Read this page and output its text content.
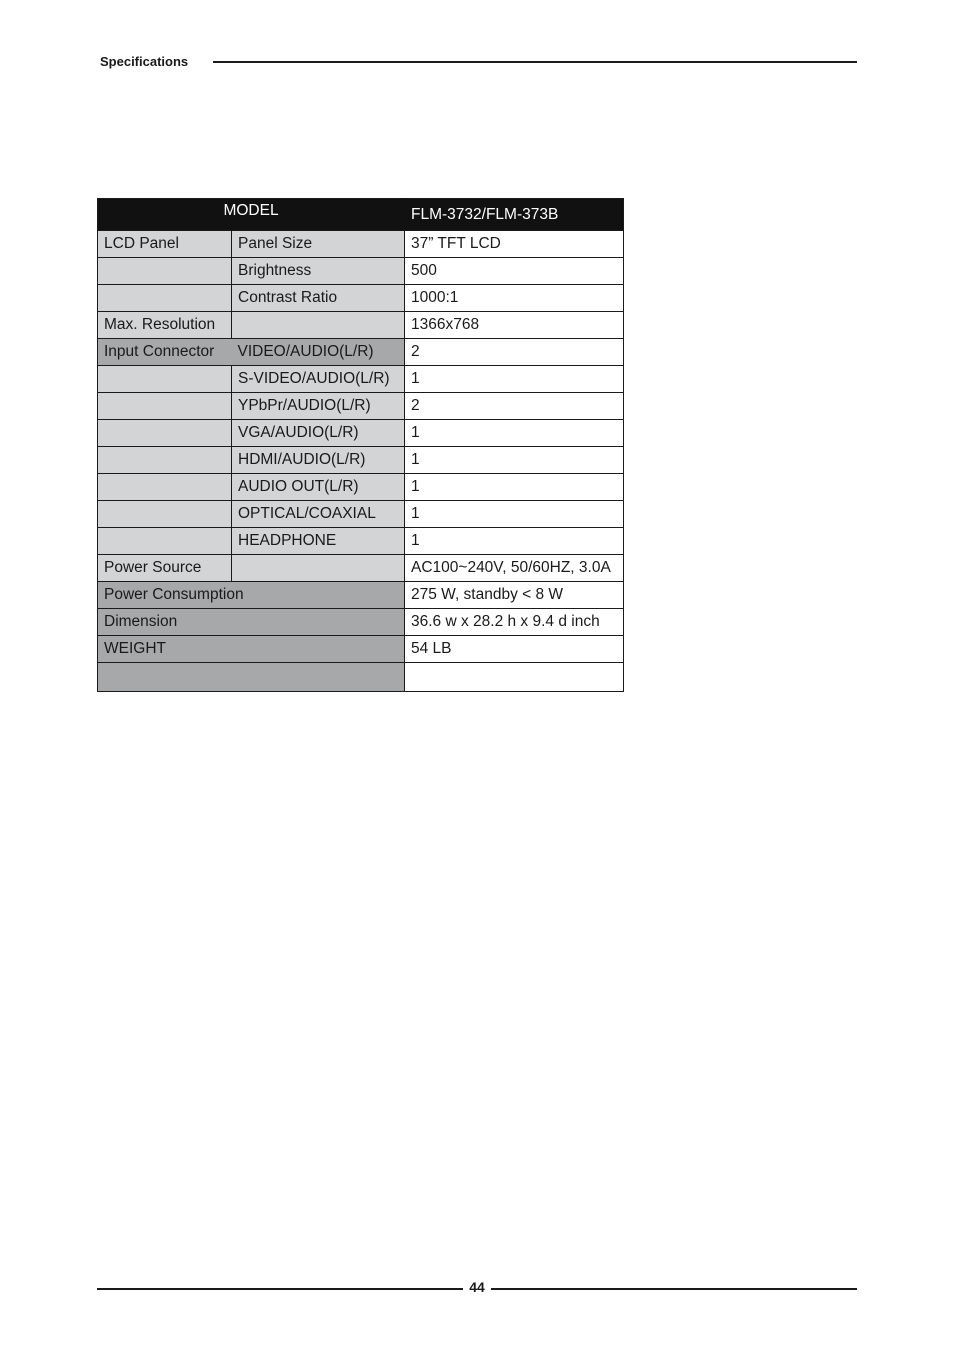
Specifications
MODEL		FLM-3732/FLM-373B
LCD Panel	Panel Size	37” TFT LCD
	Brightness	500
	Contrast Ratio	1000:1
Max. Resolution		1366x768
Input Connector	VIDEO/AUDIO(L/R)	2
	S-VIDEO/AUDIO(L/R)	1
	YPbPr/AUDIO(L/R)	2
	VGA/AUDIO(L/R)	1
	HDMI/AUDIO(L/R)	1
	AUDIO OUT(L/R)	1
	OPTICAL/COAXIAL	1
	HEADPHONE	1
Power Source		AC100~240V, 50/60HZ, 3.0A
Power Consumption		275 W, standby < 8 W
Dimension		36.6 w x 28.2 h x 9.4 d inch
WEIGHT		54 LB

44
